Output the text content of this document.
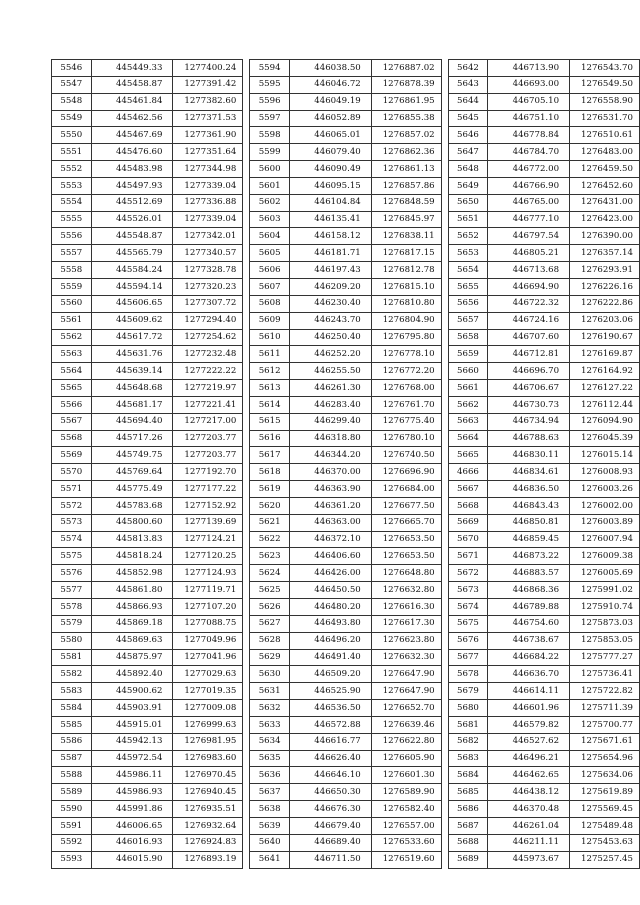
5546	445449.33	1277400.24
5547	445458.87	1277391.42
5548	445461.84	1277382.60
5549	445462.56	1277371.53
5550	445467.69	1277361.90
5551	445476.60	1277351.64
5552	445483.98	1277344.98
5553	445497.93	1277339.04
5554	445512.69	1277336.88
5555	445526.01	1277339.04
5556	445548.87	1277342.01
5557	445565.79	1277340.57
5558	445584.24	1277328.78
5559	445594.14	1277320.23
5560	445606.65	1277307.72
5561	445609.62	1277294.40
5562	445617.72	1277254.62
5563	445631.76	1277232.48
5564	445639.14	1277222.22
5565	445648.68	1277219.97
5566	445681.17	1277221.41
5567	445694.40	1277217.00
5568	445717.26	1277203.77
5569	445749.75	1277203.77
5570	445769.64	1277192.70
5571	445775.49	1277177.22
5572	445783.68	1277152.92
5573	445800.60	1277139.69
5574	445813.83	1277124.21
5575	445818.24	1277120.25
5576	445852.98	1277124.93
5577	445861.80	1277119.71
5578	445866.93	1277107.20
5579	445869.18	1277088.75
5580	445869.63	1277049.96
5581	445875.97	1277041.96
5582	445892.40	1277029.63
5583	445900.62	1277019.35
5584	445903.91	1277009.08
5585	445915.01	1276999.63
5586	445942.13	1276981.95
5587	445972.54	1276983.60
5588	445986.11	1276970.45
5589	445986.93	1276940.45
5590	445991.86	1276935.51
5591	446006.65	1276932.64
5592	446016.93	1276924.83
5593	446015.90	1276893.19
5594	446038.50	1276887.02
5595	446046.72	1276878.39
5596	446049.19	1276861.95
5597	446052.89	1276855.38
5598	446065.01	1276857.02
5599	446079.40	1276862.36
5600	446090.49	1276861.13
5601	446095.15	1276857.86
5602	446104.84	1276848.59
5603	446135.41	1276845.97
5604	446158.12	1276838.11
5605	446181.71	1276817.15
5606	446197.43	1276812.78
5607	446209.20	1276815.10
5608	446230.40	1276810.80
5609	446243.70	1276804.90
5610	446250.40	1276795.80
5611	446252.20	1276778.10
5612	446255.50	1276772.20
5613	446261.30	1276768.00
5614	446283.40	1276761.70
5615	446299.40	1276775.40
5616	446318.80	1276780.10
5617	446344.20	1276740.50
5618	446370.00	1276696.90
5619	446363.90	1276684.00
5620	446361.20	1276677.50
5621	446363.00	1276665.70
5622	446372.10	1276653.50
5623	446406.60	1276653.50
5624	446426.00	1276648.80
5625	446450.50	1276632.80
5626	446480.20	1276616.30
5627	446493.80	1276617.30
5628	446496.20	1276623.80
5629	446491.40	1276632.30
5630	446509.20	1276647.90
5631	446525.90	1276647.90
5632	446536.50	1276652.70
5633	446572.88	1276639.46
5634	446616.77	1276622.80
5635	446626.40	1276605.90
5636	446646.10	1276601.30
5637	446650.30	1276589.90
5638	446676.30	1276582.40
5639	446679.40	1276557.00
5640	446689.40	1276533.60
5641	446711.50	1276519.60
5642	446713.90	1276543.70
5643	446693.00	1276549.50
5644	446705.10	1276558.90
5645	446751.10	1276531.70
5646	446778.84	1276510.61
5647	446784.70	1276483.00
5648	446772.00	1276459.50
5649	446766.90	1276452.60
5650	446765.00	1276431.00
5651	446777.10	1276423.00
5652	446797.54	1276390.00
5653	446805.21	1276357.14
5654	446713.68	1276293.91
5655	446694.90	1276226.16
5656	446722.32	1276222.86
5657	446724.16	1276203.06
5658	446707.60	1276190.67
5659	446712.81	1276169.87
5660	446696.70	1276164.92
5661	446706.67	1276127.22
5662	446730.73	1276112.44
5663	446734.94	1276094.90
5664	446788.63	1276045.39
5665	446830.11	1276015.14
4666	446834.61	1276008.93
5667	446836.50	1276003.26
5668	446843.43	1276002.00
5669	446850.81	1276003.89
5670	446859.45	1276007.94
5671	446873.22	1276009.38
5672	446883.57	1276005.69
5673	446868.36	1275991.02
5674	446789.88	1275910.74
5675	446754.60	1275873.03
5676	446738.67	1275853.05
5677	446684.22	1275777.27
5678	446636.70	1275736.41
5679	446614.11	1275722.82
5680	446601.96	1275711.39
5681	446579.82	1275700.77
5682	446527.62	1275671.61
5683	446496.21	1275654.96
5684	446462.65	1275634.06
5685	446438.12	1275619.89
5686	446370.48	1275569.45
5687	446261.04	1275489.48
5688	446211.11	1275453.63
5689	445973.67	1275257.45
